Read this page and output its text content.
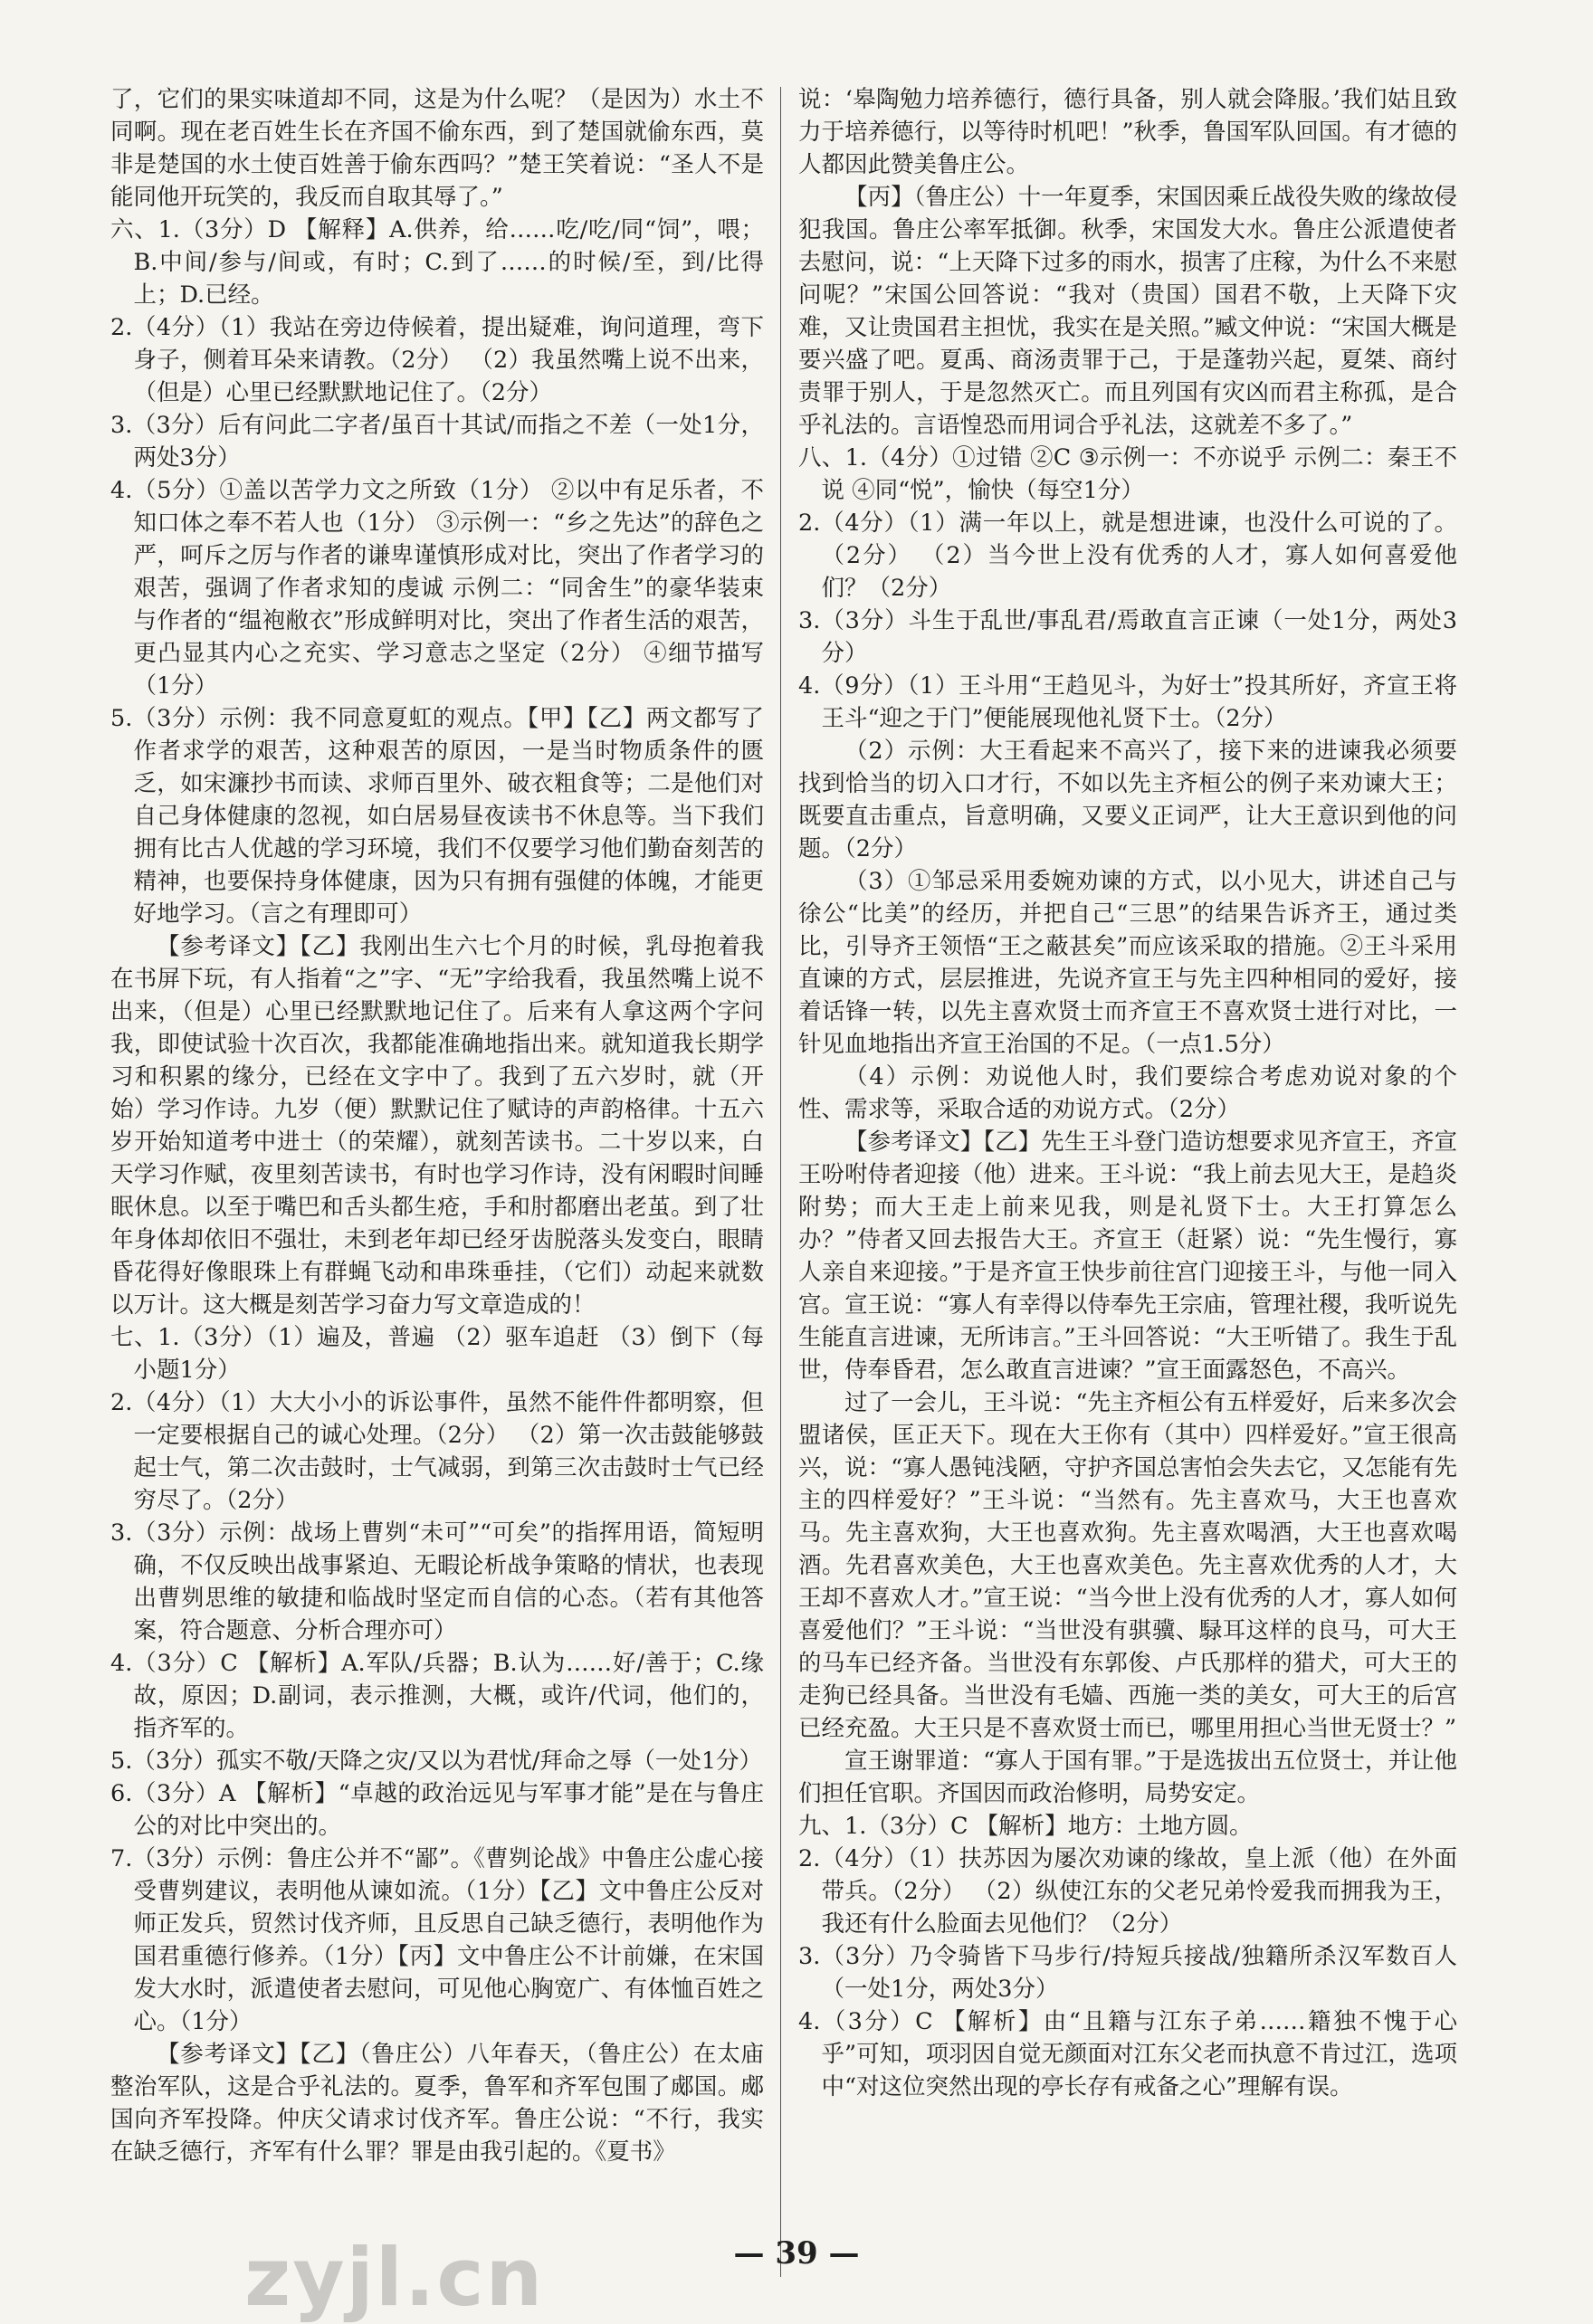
了，它们的果实味道却不同，这是为什么呢？（是因为）水土不同啊。现在老百姓生长在齐国不偷东西，到了楚国就偷东西，莫非是楚国的水土使百姓善于偷东西吗？”楚王笑着说：“圣人不是能同他开玩笑的，我反而自取其辱了。”

六、1.（3分）D 【解释】A.供养，给……吃/吃/同“饲”，喂；B.中间/参与/间或，有时；C.到了……的时候/至，到/比得上；D.已经。

2.（4分）（1）我站在旁边侍候着，提出疑难，询问道理，弯下身子，侧着耳朵来请教。（2分） （2）我虽然嘴上说不出来，（但是）心里已经默默地记住了。（2分）

3.（3分）后有问此二字者/虽百十其试/而指之不差（一处1分，两处3分）

4.（5分）①盖以苦学力文之所致（1分） ②以中有足乐者，不知口体之奉不若人也（1分） ③示例一：“乡之先达”的辞色之严，呵斥之厉与作者的谦卑谨慎形成对比，突出了作者学习的艰苦，强调了作者求知的虔诚 示例二：“同舍生”的豪华装束与作者的“缊袍敝衣”形成鲜明对比，突出了作者生活的艰苦，更凸显其内心之充实、学习意志之坚定（2分） ④细节描写（1分）

5.（3分）示例：我不同意夏虹的观点。【甲】【乙】两文都写了作者求学的艰苦，这种艰苦的原因，一是当时物质条件的匮乏，如宋濂抄书而读、求师百里外、破衣粗食等；二是他们对自己身体健康的忽视，如白居易昼夜读书不休息等。当下我们拥有比古人优越的学习环境，我们不仅要学习他们勤奋刻苦的精神，也要保持身体健康，因为只有拥有强健的体魄，才能更好地学习。（言之有理即可）

【参考译文】【乙】我刚出生六七个月的时候，乳母抱着我在书屏下玩，有人指着“之”字、“无”字给我看，我虽然嘴上说不出来，（但是）心里已经默默地记住了。后来有人拿这两个字问我，即使试验十次百次，我都能准确地指出来。就知道我长期学习和积累的缘分，已经在文字中了。我到了五六岁时，就（开始）学习作诗。九岁（便）默默记住了赋诗的声韵格律。十五六岁开始知道考中进士（的荣耀），就刻苦读书。二十岁以来，白天学习作赋，夜里刻苦读书，有时也学习作诗，没有闲暇时间睡眠休息。以至于嘴巴和舌头都生疮，手和肘都磨出老茧。到了壮年身体却依旧不强壮，未到老年却已经牙齿脱落头发变白，眼睛昏花得好像眼珠上有群蝇飞动和串珠垂挂，（它们）动起来就数以万计。这大概是刻苦学习奋力写文章造成的！

七、1.（3分）（1）遍及，普遍 （2）驱车追赶 （3）倒下（每小题1分）

2.（4分）（1）大大小小的诉讼事件，虽然不能件件都明察，但一定要根据自己的诚心处理。（2分） （2）第一次击鼓能够鼓起士气，第二次击鼓时，士气减弱，到第三次击鼓时士气已经穷尽了。（2分）

3.（3分）示例：战场上曹刿“未可”“可矣”的指挥用语，简短明确，不仅反映出战事紧迫、无暇论析战争策略的情状，也表现出曹刿思维的敏捷和临战时坚定而自信的心态。（若有其他答案，符合题意、分析合理亦可）

4.（3分）C 【解析】A.军队/兵器；B.认为……好/善于；C.缘故，原因；D.副词，表示推测，大概，或许/代词，他们的，指齐军的。

5.（3分）孤实不敬/天降之灾/又以为君忧/拜命之辱（一处1分）

6.（3分）A 【解析】“卓越的政治远见与军事才能”是在与鲁庄公的对比中突出的。

7.（3分）示例：鲁庄公并不“鄙”。《曹刿论战》中鲁庄公虚心接受曹刿建议，表明他从谏如流。（1分）【乙】文中鲁庄公反对师正发兵，贸然讨伐齐师，且反思自己缺乏德行，表明他作为国君重德行修养。（1分）【丙】文中鲁庄公不计前嫌，在宋国发大水时，派遣使者去慰问，可见他心胸宽广、有体恤百姓之心。（1分）

【参考译文】【乙】（鲁庄公）八年春天，（鲁庄公）在太庙整治军队，这是合乎礼法的。夏季，鲁军和齐军包围了郕国。郕国向齐军投降。仲庆父请求讨伐齐军。鲁庄公说：“不行，我实在缺乏德行，齐军有什么罪？罪是由我引起的。《夏书》

说：‘皋陶勉力培养德行，德行具备，别人就会降服。’我们姑且致力于培养德行，以等待时机吧！”秋季，鲁国军队回国。有才德的人都因此赞美鲁庄公。

【丙】（鲁庄公）十一年夏季，宋国因乘丘战役失败的缘故侵犯我国。鲁庄公率军抵御。秋季，宋国发大水。鲁庄公派遣使者去慰问，说：“上天降下过多的雨水，损害了庄稼，为什么不来慰问呢？”宋国公回答说：“我对（贵国）国君不敬，上天降下灾难，又让贵国君主担忧，我实在是关照。”臧文仲说：“宋国大概是要兴盛了吧。夏禹、商汤责罪于己，于是蓬勃兴起，夏桀、商纣责罪于别人，于是忽然灭亡。而且列国有灾凶而君主称孤，是合乎礼法的。言语惶恐而用词合乎礼法，这就差不多了。”

八、1.（4分）①过错 ②C ③示例一：不亦说乎 示例二：秦王不说 ④同“悦”，愉快（每空1分）

2.（4分）（1）满一年以上，就是想进谏，也没什么可说的了。（2分） （2）当今世上没有优秀的人才，寡人如何喜爱他们？（2分）

3.（3分）斗生于乱世/事乱君/焉敢直言正谏（一处1分，两处3分）

4.（9分）（1）王斗用“王趋见斗，为好士”投其所好，齐宣王将王斗“迎之于门”便能展现他礼贤下士。（2分）

（2）示例：大王看起来不高兴了，接下来的进谏我必须要找到恰当的切入口才行，不如以先主齐桓公的例子来劝谏大王；既要直击重点，旨意明确，又要义正词严，让大王意识到他的问题。（2分）

（3）①邹忌采用委婉劝谏的方式，以小见大，讲述自己与徐公“比美”的经历，并把自己“三思”的结果告诉齐王，通过类比，引导齐王领悟“王之蔽甚矣”而应该采取的措施。②王斗采用直谏的方式，层层推进，先说齐宣王与先主四种相同的爱好，接着话锋一转，以先主喜欢贤士而齐宣王不喜欢贤士进行对比，一针见血地指出齐宣王治国的不足。（一点1.5分）

（4）示例：劝说他人时，我们要综合考虑劝说对象的个性、需求等，采取合适的劝说方式。（2分）

【参考译文】【乙】先生王斗登门造访想要求见齐宣王，齐宣王吩咐侍者迎接（他）进来。王斗说：“我上前去见大王，是趋炎附势；而大王走上前来见我，则是礼贤下士。大王打算怎么办？”侍者又回去报告大王。齐宣王（赶紧）说：“先生慢行，寡人亲自来迎接。”于是齐宣王快步前往宫门迎接王斗，与他一同入宫。宣王说：“寡人有幸得以侍奉先王宗庙，管理社稷，我听说先生能直言进谏，无所讳言。”王斗回答说：“大王听错了。我生于乱世，侍奉昏君，怎么敢直言进谏？”宣王面露怒色，不高兴。

过了一会儿，王斗说：“先主齐桓公有五样爱好，后来多次会盟诸侯，匡正天下。现在大王你有（其中）四样爱好。”宣王很高兴，说：“寡人愚钝浅陋，守护齐国总害怕会失去它，又怎能有先主的四样爱好？”王斗说：“当然有。先主喜欢马，大王也喜欢马。先主喜欢狗，大王也喜欢狗。先主喜欢喝酒，大王也喜欢喝酒。先君喜欢美色，大王也喜欢美色。先主喜欢优秀的人才，大王却不喜欢人才。”宣王说：“当今世上没有优秀的人才，寡人如何喜爱他们？”王斗说：“当世没有骐骥、騄耳这样的良马，可大王的马车已经齐备。当世没有东郭俊、卢氏那样的猎犬，可大王的走狗已经具备。当世没有毛嫱、西施一类的美女，可大王的后宫已经充盈。大王只是不喜欢贤士而已，哪里用担心当世无贤士？”

宣王谢罪道：“寡人于国有罪。”于是选拔出五位贤士，并让他们担任官职。齐国因而政治修明，局势安定。

九、1.（3分）C 【解析】地方：土地方圆。

2.（4分）（1）扶苏因为屡次劝谏的缘故，皇上派（他）在外面带兵。（2分） （2）纵使江东的父老兄弟怜爱我而拥我为王，我还有什么脸面去见他们？（2分）

3.（3分）乃令骑皆下马步行/持短兵接战/独籍所杀汉军数百人（一处1分，两处3分）

4.（3分）C 【解析】由“且籍与江东子弟……籍独不愧于心乎”可知，项羽因自觉无颜面对江东父老而执意不肯过江，选项中“对这位突然出现的亭长存有戒备之心”理解有误。

zyjl.cn	— 39 —
